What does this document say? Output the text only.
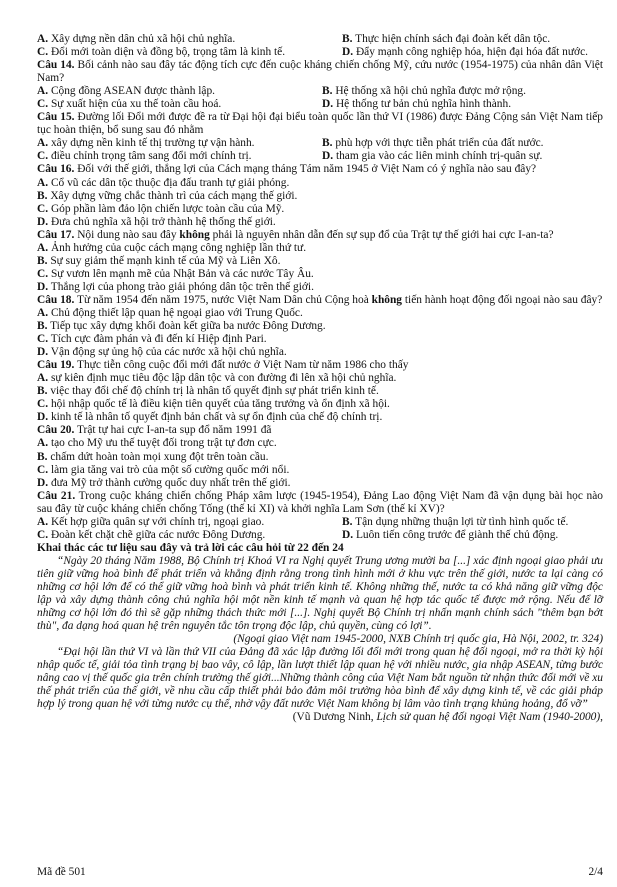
A. Xây dựng nền dân chủ xã hội chủ nghĩa.	B. Thực hiện chính sách đại đoàn kết dân tộc.
C. Đổi mới toàn diện và đồng bộ, trọng tâm là kinh tế.	D. Đẩy mạnh công nghiệp hóa, hiện đại hóa đất nước.

Câu 14. Bối cảnh nào sau đây tác động tích cực đến cuộc kháng chiến chống Mỹ, cứu nước (1954-1975) của nhân dân Việt Nam?

A. Cộng đồng ASEAN được thành lập.	B. Hệ thống xã hội chủ nghĩa được mở rộng.
C. Sự xuất hiện của xu thế toàn cầu hoá.	D. Hệ thống tư bản chủ nghĩa hình thành.

Câu 15. Đường lối Đổi mới được đề ra từ Đại hội đại biểu toàn quốc lần thứ VI (1986) được Đảng Cộng sản Việt Nam tiếp tục hoàn thiện, bổ sung sau đó nhằm

A. xây dựng nền kinh tế thị trường tự vận hành.	B. phù hợp với thực tiễn phát triển của đất nước.
C. điều chỉnh trọng tâm sang đổi mới chính trị.	D. tham gia vào các liên minh chính trị-quân sự.

Câu 16. Đối với thế giới, thắng lợi của Cách mạng tháng Tám năm 1945 ở Việt Nam có ý nghĩa nào sau đây?

A. Cổ vũ các dân tộc thuộc địa đấu tranh tự giải phóng.

B. Xây dựng vững chắc thành trì của cách mạng thế giới.

C. Góp phần làm đảo lộn chiến lược toàn cầu của Mỹ.

D. Đưa chủ nghĩa xã hội trở thành hệ thống thế giới.

Câu 17. Nội dung nào sau đây không phải là nguyên nhân dẫn đến sự sụp đổ của Trật tự thế giới hai cực I-an-ta?

A. Ảnh hưởng của cuộc cách mạng công nghiệp lần thứ tư.

B. Sự suy giảm thế mạnh kinh tế của Mỹ và Liên Xô.

C. Sự vươn lên mạnh mẽ của Nhật Bản và các nước Tây Âu.

D. Thắng lợi của phong trào giải phóng dân tộc trên thế giới.

Câu 18. Từ năm 1954 đến năm 1975, nước Việt Nam Dân chủ Cộng hoà không tiến hành hoạt động đối ngoại nào sau đây?

A. Chủ động thiết lập quan hệ ngoại giao với Trung Quốc.

B. Tiếp tục xây dựng khối đoàn kết giữa ba nước Đông Dương.

C. Tích cực đàm phán và đi đến kí Hiệp định Pari.

D. Vận động sự ủng hộ của các nước xã hội chủ nghĩa.

Câu 19. Thực tiễn công cuộc đổi mới đất nước ở Việt Nam từ năm 1986 cho thấy

A. sự kiên định mục tiêu độc lập dân tộc và con đường đi lên xã hội chủ nghĩa.

B. việc thay đổi chế độ chính trị là nhân tố quyết định sự phát triển kinh tế.

C. hội nhập quốc tế là điều kiện tiên quyết của tăng trưởng và ổn định xã hội.

D. kinh tế là nhân tố quyết định bản chất và sự ổn định của chế độ chính trị.

Câu 20. Trật tự hai cực I-an-ta sụp đổ năm 1991 đã

A. tạo cho Mỹ ưu thế tuyệt đối trong trật tự đơn cực.

B. chấm dứt hoàn toàn mọi xung đột trên toàn cầu.

C. làm gia tăng vai trò của một số cường quốc mới nổi.

D. đưa Mỹ trở thành cường quốc duy nhất trên thế giới.

Câu 21. Trong cuộc kháng chiến chống Pháp xâm lược (1945-1954), Đảng Lao động Việt Nam đã vận dụng bài học nào sau đây từ cuộc kháng chiến chống Tống (thế kỉ XI) và khởi nghĩa Lam Sơn (thế kỉ XV)?

A. Kết hợp giữa quân sự với chính trị, ngoại giao.	B. Tận dụng những thuận lợi từ tình hình quốc tế.
C. Đoàn kết chặt chẽ giữa các nước Đông Dương.	D. Luôn tiến công trước để giành thế chủ động.

Khai thác các tư liệu sau đây và trả lời các câu hỏi từ 22 đến 24

“Ngày 20 tháng Năm 1988, Bộ Chính trị Khoá VI ra Nghị quyết Trung ương mười ba [...] xác định ngoại giao phải ưu tiên giữ vững hoà bình để phát triển và khẳng định rằng trong tình hình mới ở khu vực trên thế giới, nước ta lại càng có những cơ hội lớn để có thể giữ vững hoà bình và phát triển kinh tế. Không những thế, nước ta có khả năng giữ vững độc lập và xây dựng thành công chủ nghĩa hội một nền kinh tế mạnh và quan hệ hợp tác quốc tế được mở rộng. Nếu để lỡ những cơ hội lớn đó thì sẽ gặp những thách thức mới [...]. Nghị quyết Bộ Chính trị nhấn mạnh chính sách "thêm bạn bớt thù", đa dạng hoá quan hệ trên nguyên tắc tôn trọng độc lập, chủ quyền, cùng có lợi”.

(Ngoại giao Việt nam 1945-2000, NXB Chính trị quốc gia, Hà Nội, 2002, tr. 324)

“Đại hội lần thứ VI và lần thứ VII của Đảng đã xác lập đường lối đổi mới trong quan hệ đối ngoại, mở ra thời kỳ hội nhập quốc tế, giải tỏa tình trạng bị bao vây, cô lập, lần lượt thiết lập quan hệ với nhiều nước, gia nhập ASEAN, từng bước nâng cao vị thế quốc gia trên chính trường thế giới...Những thành công của Việt Nam bắt nguồn từ nhận thức đổi mới về xu thế phát triển của thế giới, về nhu cầu cấp thiết phải bảo đảm môi trường hòa bình để xây dựng kinh tế, về các giải pháp hợp lý trong quan hệ với từng nước cụ thể, nhờ vậy đất nước Việt Nam không bị lâm vào tình trạng khủng hoảng, đổ vỡ”

(Vũ Dương Ninh, Lịch sử quan hệ đối ngoại Việt Nam (1940-2000),

Mã đề 501	2/4
